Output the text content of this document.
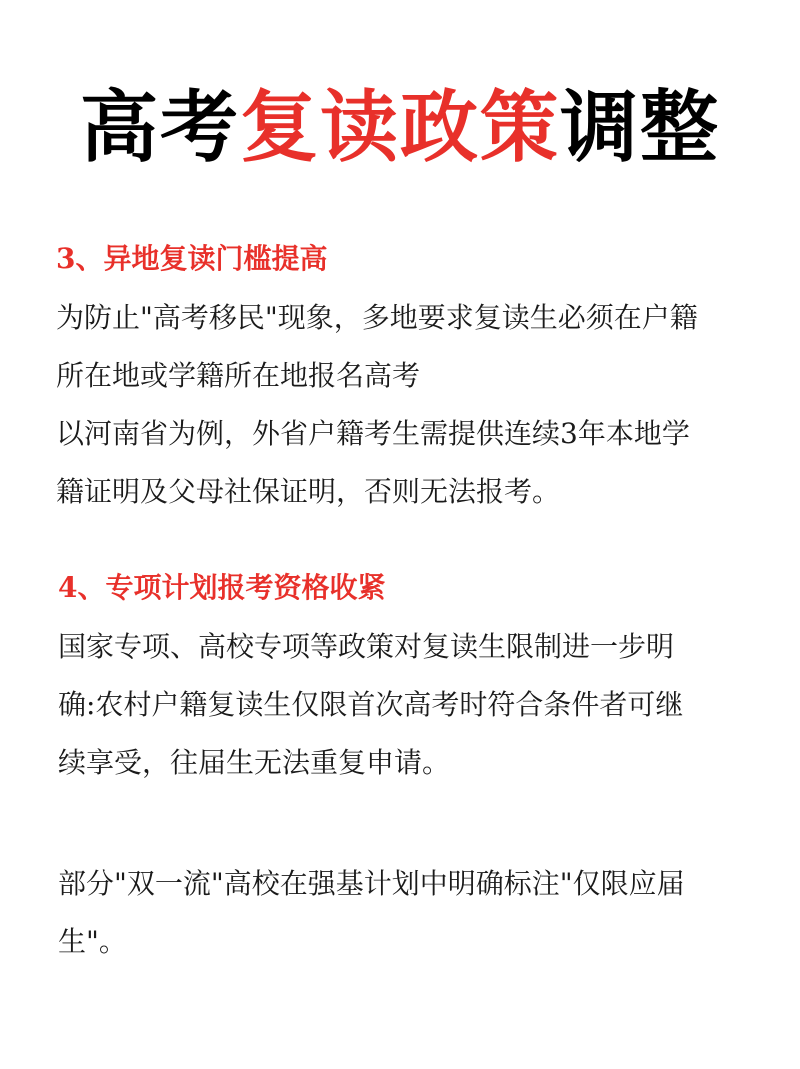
高考复读政策调整
3、异地复读门槛提高
为防止"高考移民"现象，多地要求复读生必须在户籍
所在地或学籍所在地报名高考
以河南省为例，外省户籍考生需提供连续3年本地学
籍证明及父母社保证明，否则无法报考。
4、专项计划报考资格收紧
国家专项、高校专项等政策对复读生限制进一步明
确:农村户籍复读生仅限首次高考时符合条件者可继
续享受，往届生无法重复申请。
部分"双一流"高校在强基计划中明确标注"仅限应届
生"。
